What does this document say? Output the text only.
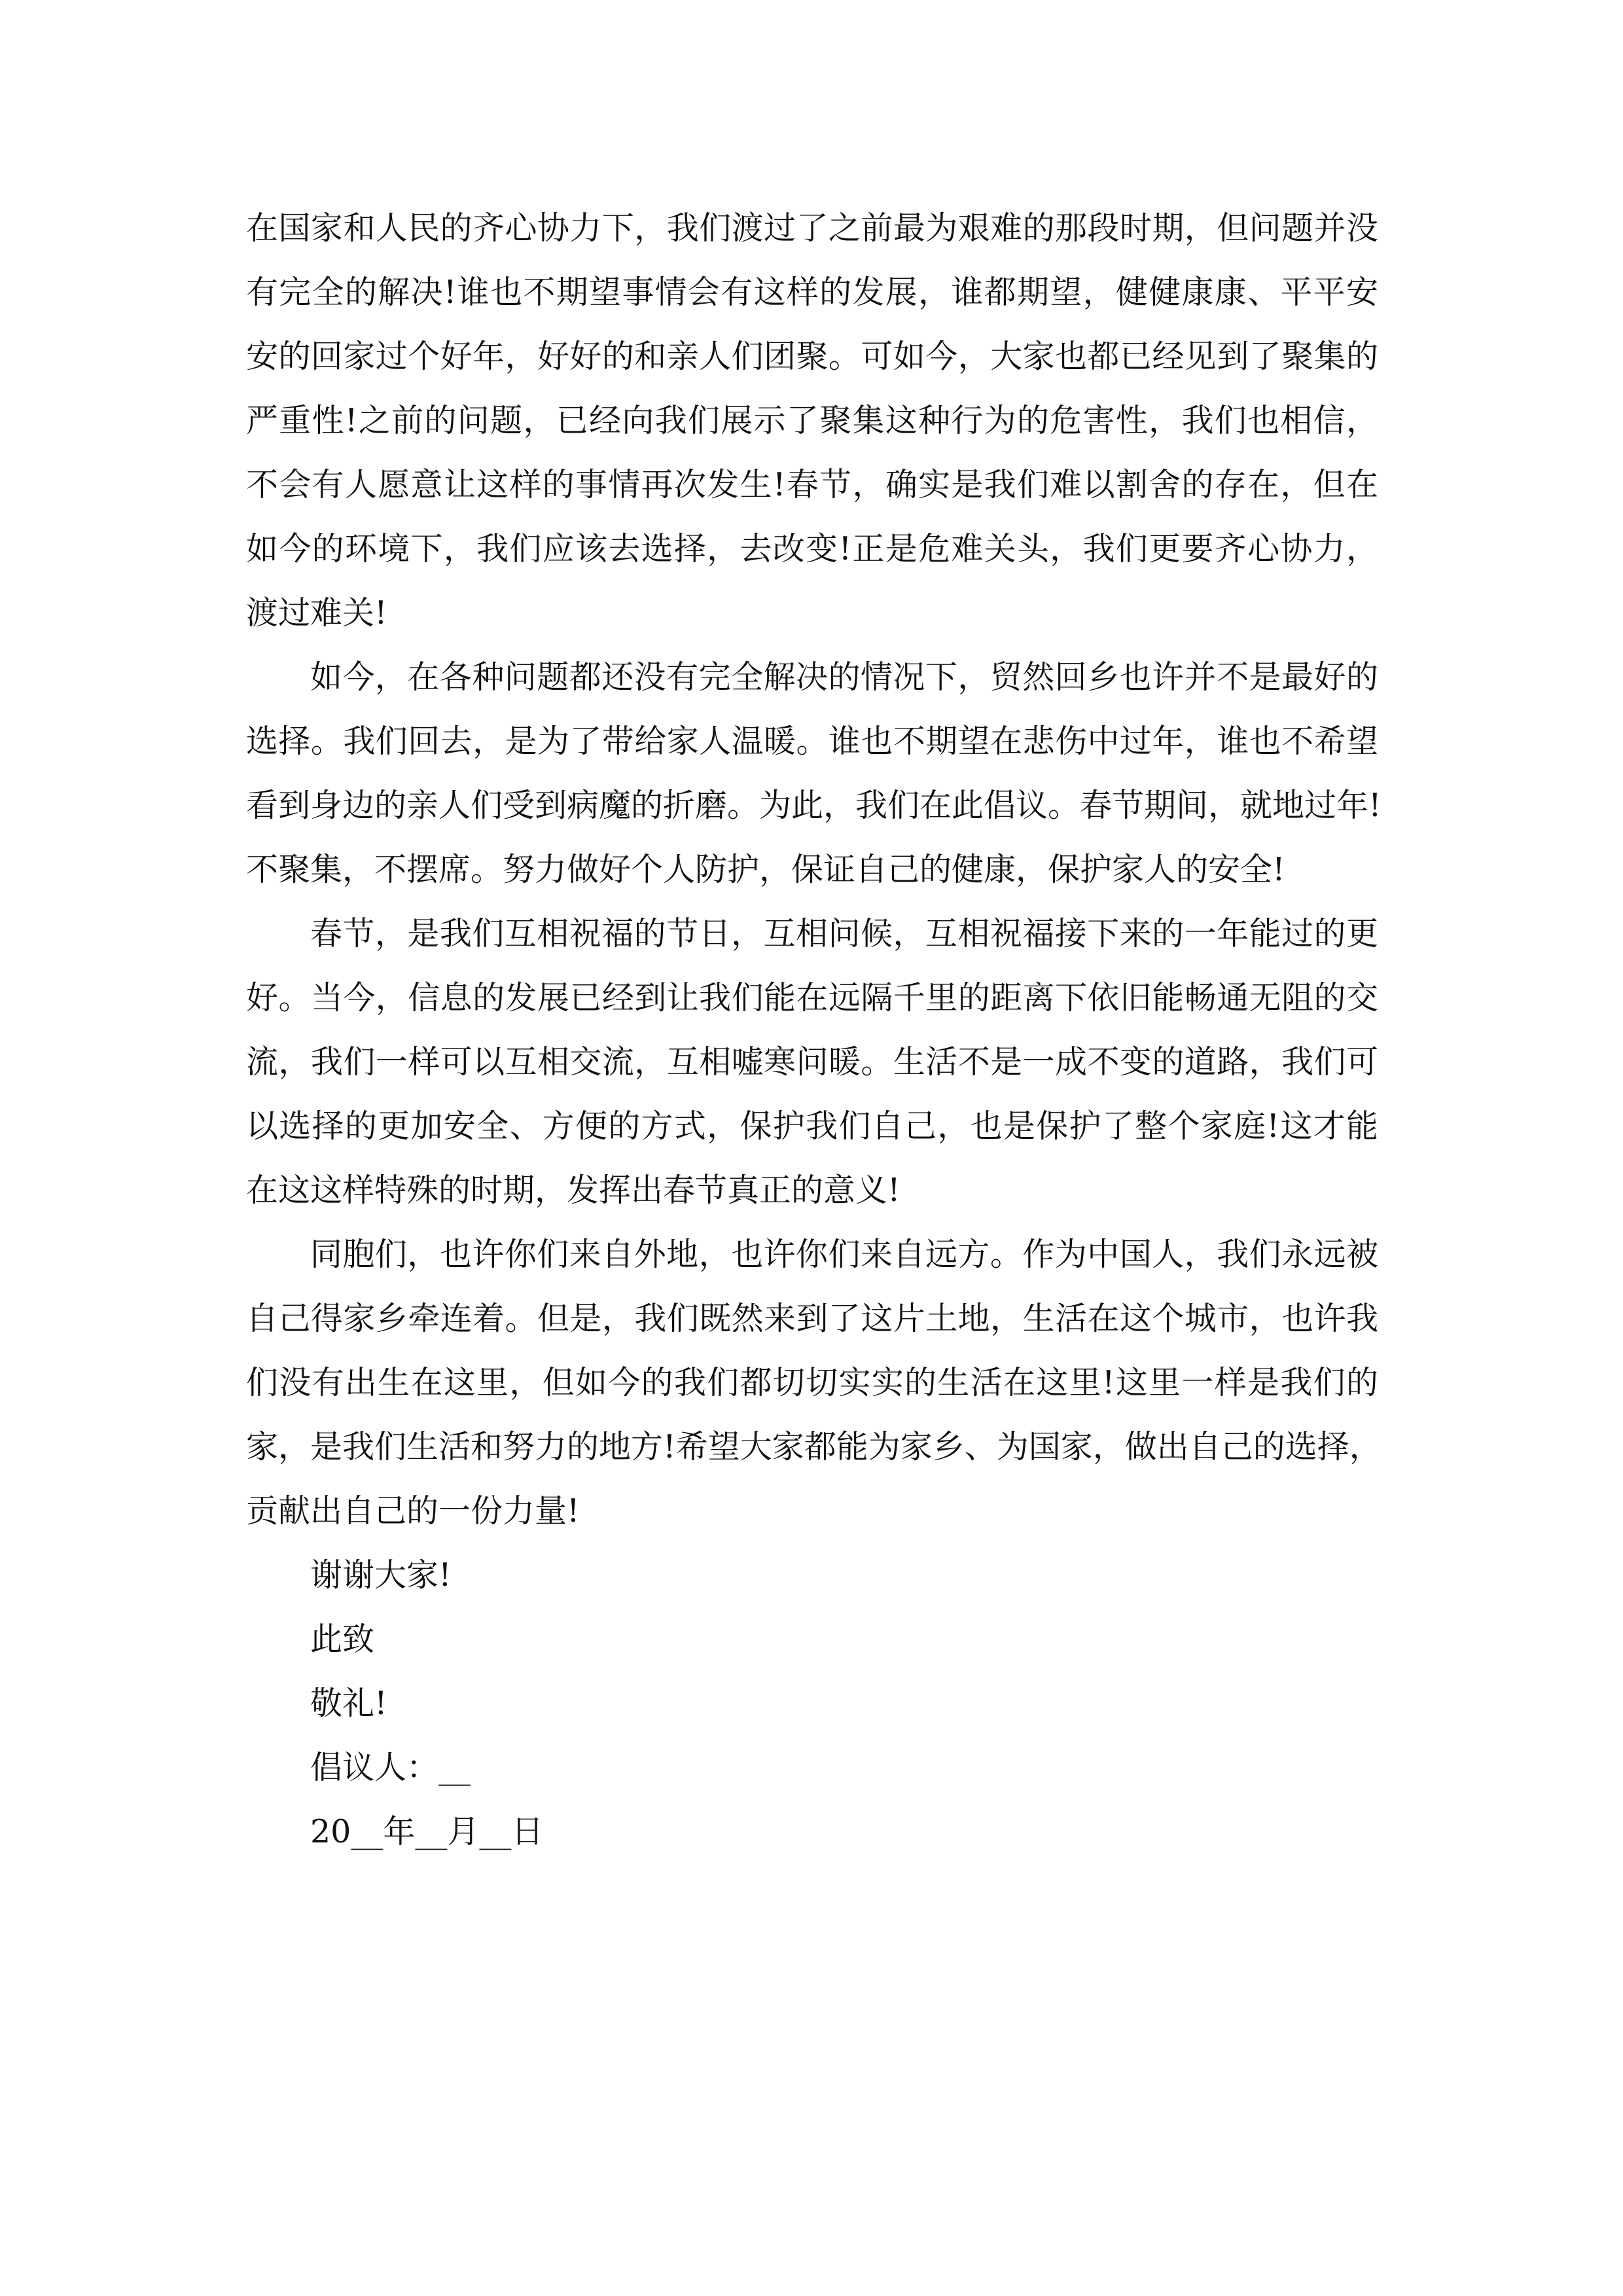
在国家和人民的齐心协力下，我们渡过了之前最为艰难的那段时期，但问题并没
有完全的解决!谁也不期望事情会有这样的发展，谁都期望，健健康康、平平安
安的回家过个好年，好好的和亲人们团聚。可如今，大家也都已经见到了聚集的
严重性!之前的问题，已经向我们展示了聚集这种行为的危害性，我们也相信，
不会有人愿意让这样的事情再次发生!春节，确实是我们难以割舍的存在，但在
如今的环境下，我们应该去选择，去改变!正是危难关头，我们更要齐心协力，
渡过难关!
如今，在各种问题都还没有完全解决的情况下，贸然回乡也许并不是最好的
选择。我们回去，是为了带给家人温暖。谁也不期望在悲伤中过年，谁也不希望
看到身边的亲人们受到病魔的折磨。为此，我们在此倡议。春节期间，就地过年!
不聚集，不摆席。努力做好个人防护，保证自己的健康，保护家人的安全!
春节，是我们互相祝福的节日，互相问候，互相祝福接下来的一年能过的更
好。当今，信息的发展已经到让我们能在远隔千里的距离下依旧能畅通无阻的交
流，我们一样可以互相交流，互相嘘寒问暖。生活不是一成不变的道路，我们可
以选择的更加安全、方便的方式，保护我们自己，也是保护了整个家庭!这才能
在这这样特殊的时期，发挥出春节真正的意义!
同胞们，也许你们来自外地，也许你们来自远方。作为中国人，我们永远被
自己得家乡牵连着。但是，我们既然来到了这片土地，生活在这个城市，也许我
们没有出生在这里，但如今的我们都切切实实的生活在这里!这里一样是我们的
家，是我们生活和努力的地方!希望大家都能为家乡、为国家，做出自己的选择，
贡献出自己的一份力量!
谢谢大家!
此致
敬礼!
倡议人：__
20__年__月__日
